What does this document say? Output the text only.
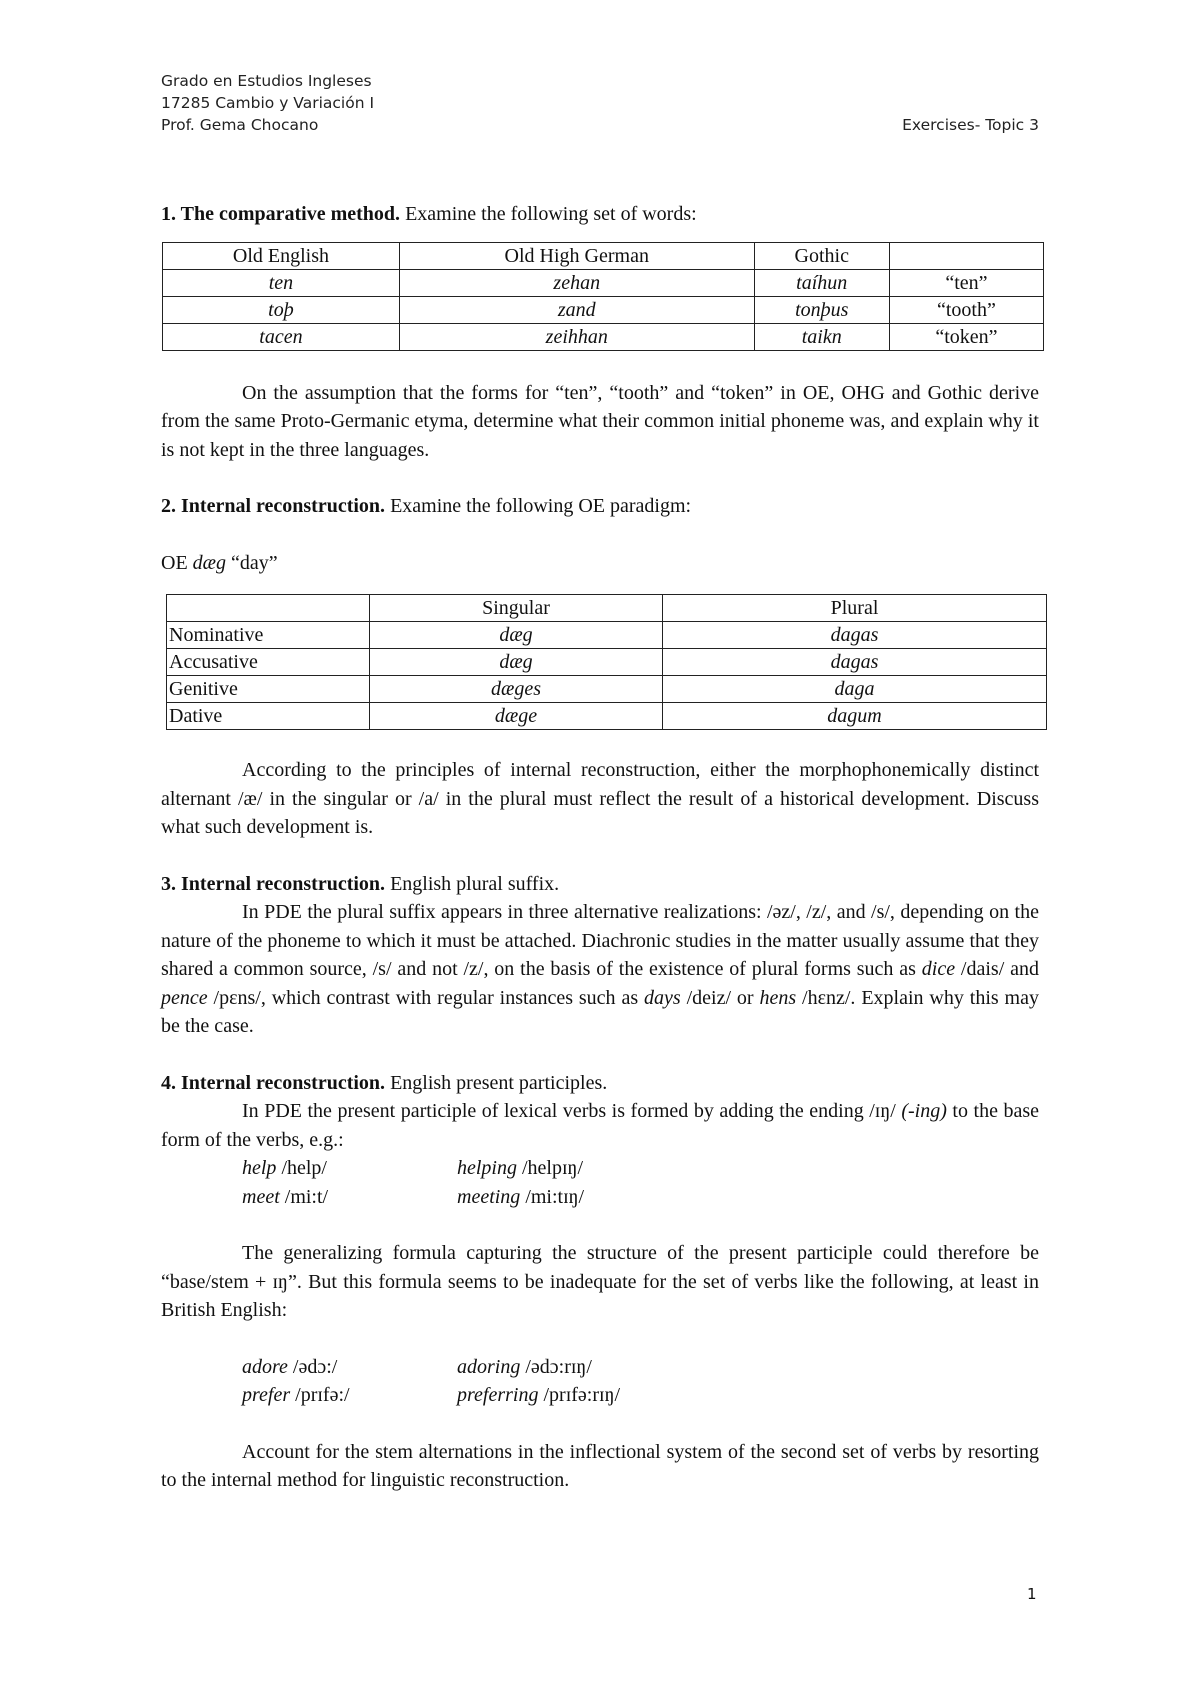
Grado en Estudios Ingleses
17285 Cambio y Variación I
Prof. Gema Chocano	Exercises- Topic 3

1. The comparative method. Examine the following set of words:

Old English	Old High German	Gothic	
ten	zehan	taíhun	“ten”
toþ	zand	tonþus	“tooth”
tacen	zeihhan	taikn	“token”

On the assumption that the forms for “ten”, “tooth” and “token” in OE, OHG and Gothic derive from the same Proto-Germanic etyma, determine what their common initial phoneme was, and explain why it is not kept in the three languages.

2. Internal reconstruction. Examine the following OE paradigm:

OE dæg “day”

	Singular	Plural
Nominative	dæg	dagas
Accusative	dæg	dagas
Genitive	dæges	daga
Dative	dæge	dagum

According to the principles of internal reconstruction, either the morphophonemically distinct alternant /æ/ in the singular or /a/ in the plural must reflect the result of a historical development. Discuss what such development is.

3. Internal reconstruction. English plural suffix.

In PDE the plural suffix appears in three alternative realizations: /əz/, /z/, and /s/, depending on the nature of the phoneme to which it must be attached. Diachronic studies in the matter usually assume that they shared a common source, /s/ and not /z/, on the basis of the existence of plural forms such as dice /dais/ and pence /pɛns/, which contrast with regular instances such as days /deiz/ or hens /hɛnz/. Explain why this may be the case.

4. Internal reconstruction. English present participles.

In PDE the present participle of lexical verbs is formed by adding the ending /ɪŋ/ (-ing) to the base form of the verbs, e.g.:

help /help/	helping /helpɪŋ/
meet /mi:t/	meeting /mi:tɪŋ/

The generalizing formula capturing the structure of the present participle could therefore be “base/stem + ɪŋ”. But this formula seems to be inadequate for the set of verbs like the following, at least in British English:

adore /ədɔ:/	adoring /ədɔ:rɪŋ/
prefer /prɪfə:/	preferring /prɪfə:rɪŋ/

Account for the stem alternations in the inflectional system of the second set of verbs by resorting to the internal method for linguistic reconstruction.

1
